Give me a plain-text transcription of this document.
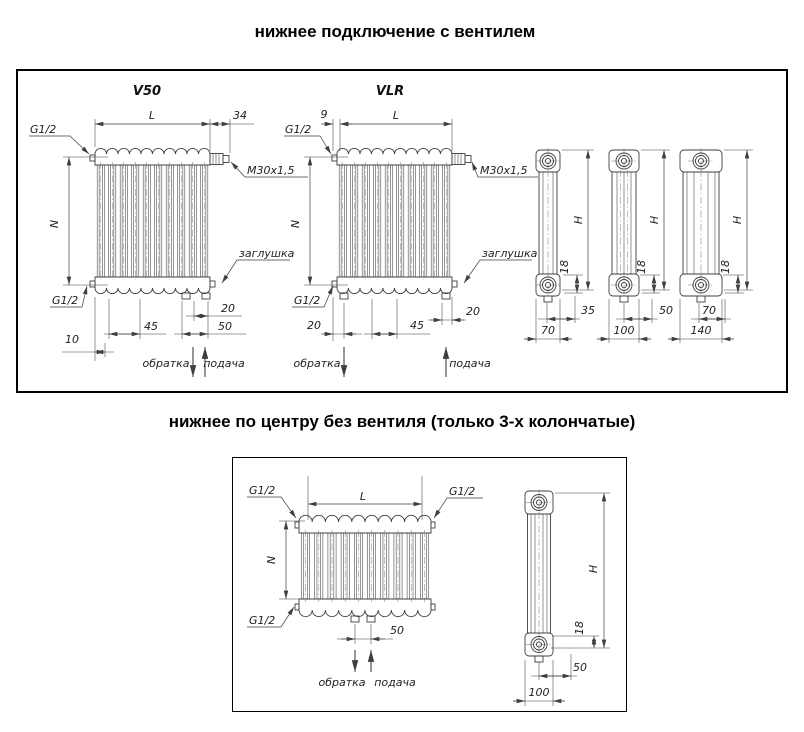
нижнее подключение с вентилем
V50
L	34
G1/2
M30x1,5
N
заглушка
G1/2
20
50
45
10
обратка подача
VLR
9	L
G1/2
M30x1,5
N
заглушка
G1/2
20	45
20
обратка	подача
H
18
35
70
H
18
50
100
H
18
70
140
нижнее по центру без вентиля (только 3-х колончатые)
L
G1/2	G1/2
N
G1/2
50
обратка подача
H
18
50
100
